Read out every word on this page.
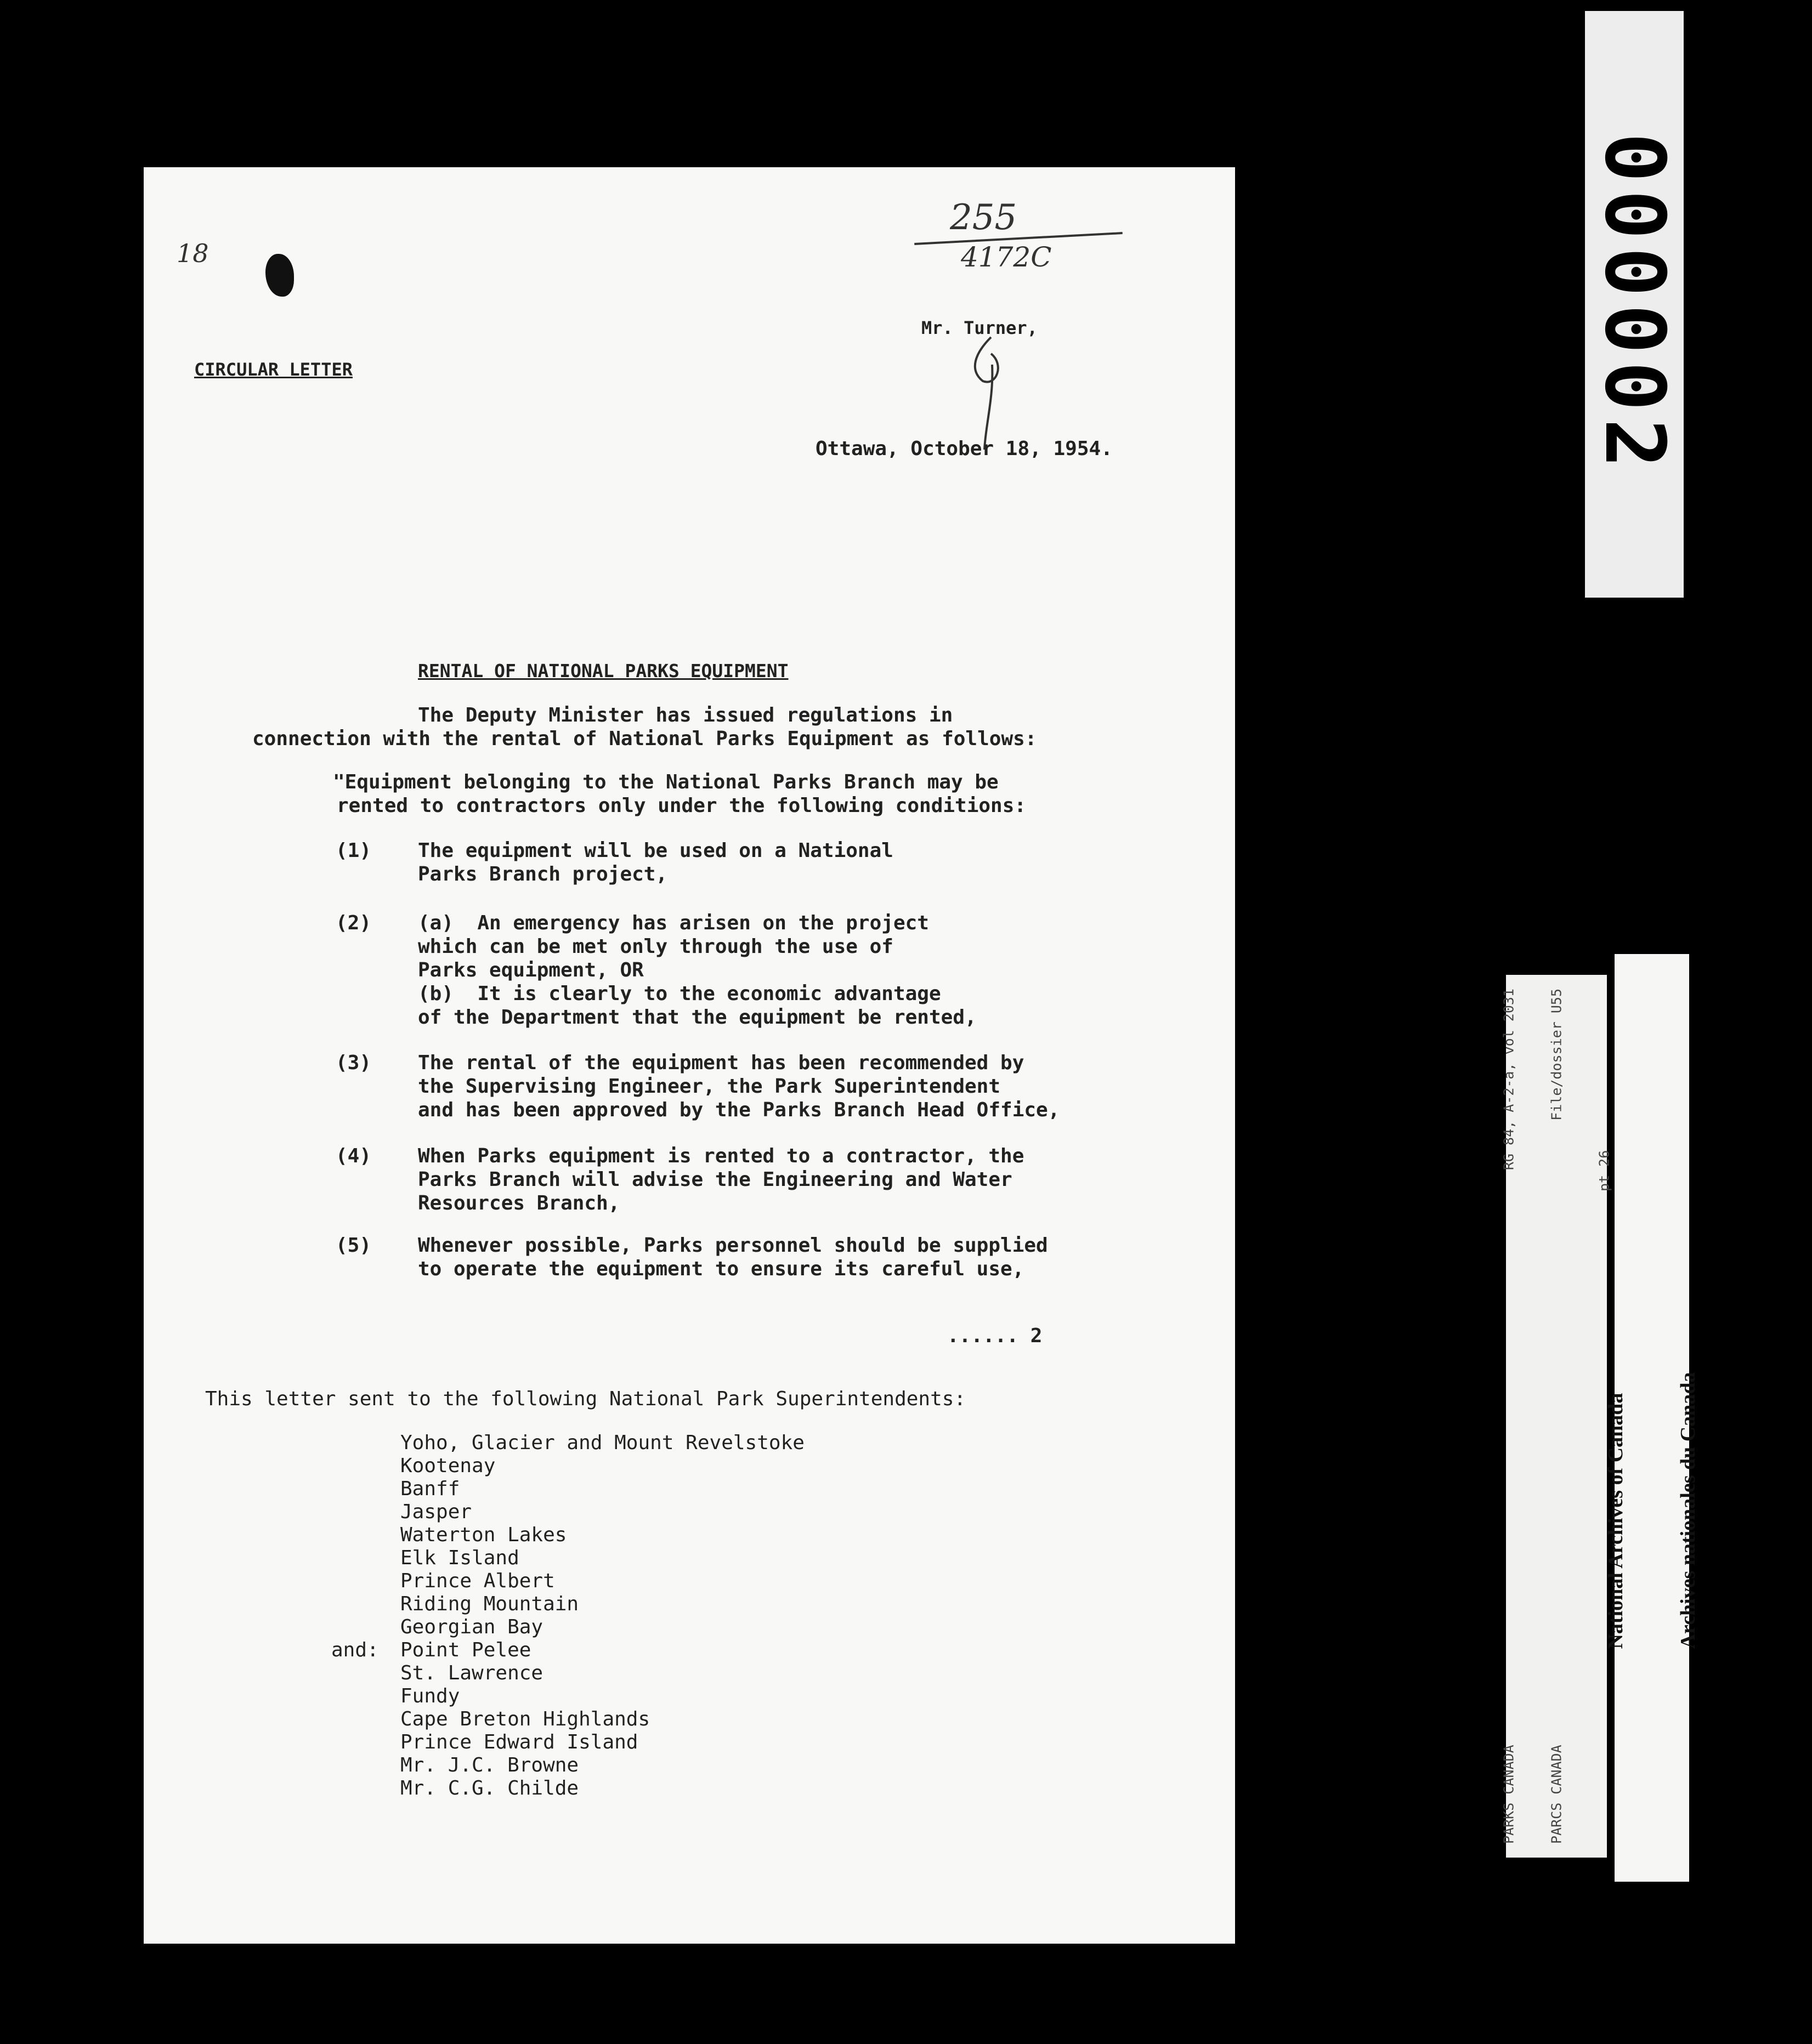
255
4172C
18
Mr. Turner,
CIRCULAR LETTER
Ottawa, October 18, 1954.
RENTAL OF NATIONAL PARKS EQUIPMENT
The Deputy Minister has issued regulations in
connection with the rental of National Parks Equipment as follows:
"Equipment belonging to the National Parks Branch may be
rented to contractors only under the following conditions:
(1) The equipment will be used on a National
Parks Branch project,
(2) (a)  An emergency has arisen on the project
which can be met only through the use of
Parks equipment, OR
(b)  It is clearly to the economic advantage
of the Department that the equipment be rented,
(3) The rental of the equipment has been recommended by
the Supervising Engineer, the Park Superintendent
and has been approved by the Parks Branch Head Office,
(4) When Parks equipment is rented to a contractor, the
Parks Branch will advise the Engineering and Water
Resources Branch,
(5) Whenever possible, Parks personnel should be supplied
to operate the equipment to ensure its careful use,
...... 2
This letter sent to the following National Park Superintendents:
Yoho, Glacier and Mount Revelstoke
Kootenay
Banff
Jasper
Waterton Lakes
Elk Island
Prince Albert
Riding Mountain
Georgian Bay
and: Point Pelee
St. Lawrence
Fundy
Cape Breton Highlands
Prince Edward Island
Mr. J.C. Browne
Mr. C.G. Childe
000002

PARKS CANADA
RG 84, A-2-a, vol 2031

PARCS CANADA
File/dossier U55

pt 26

National Archives of Canada

Archives nationales du Canada
